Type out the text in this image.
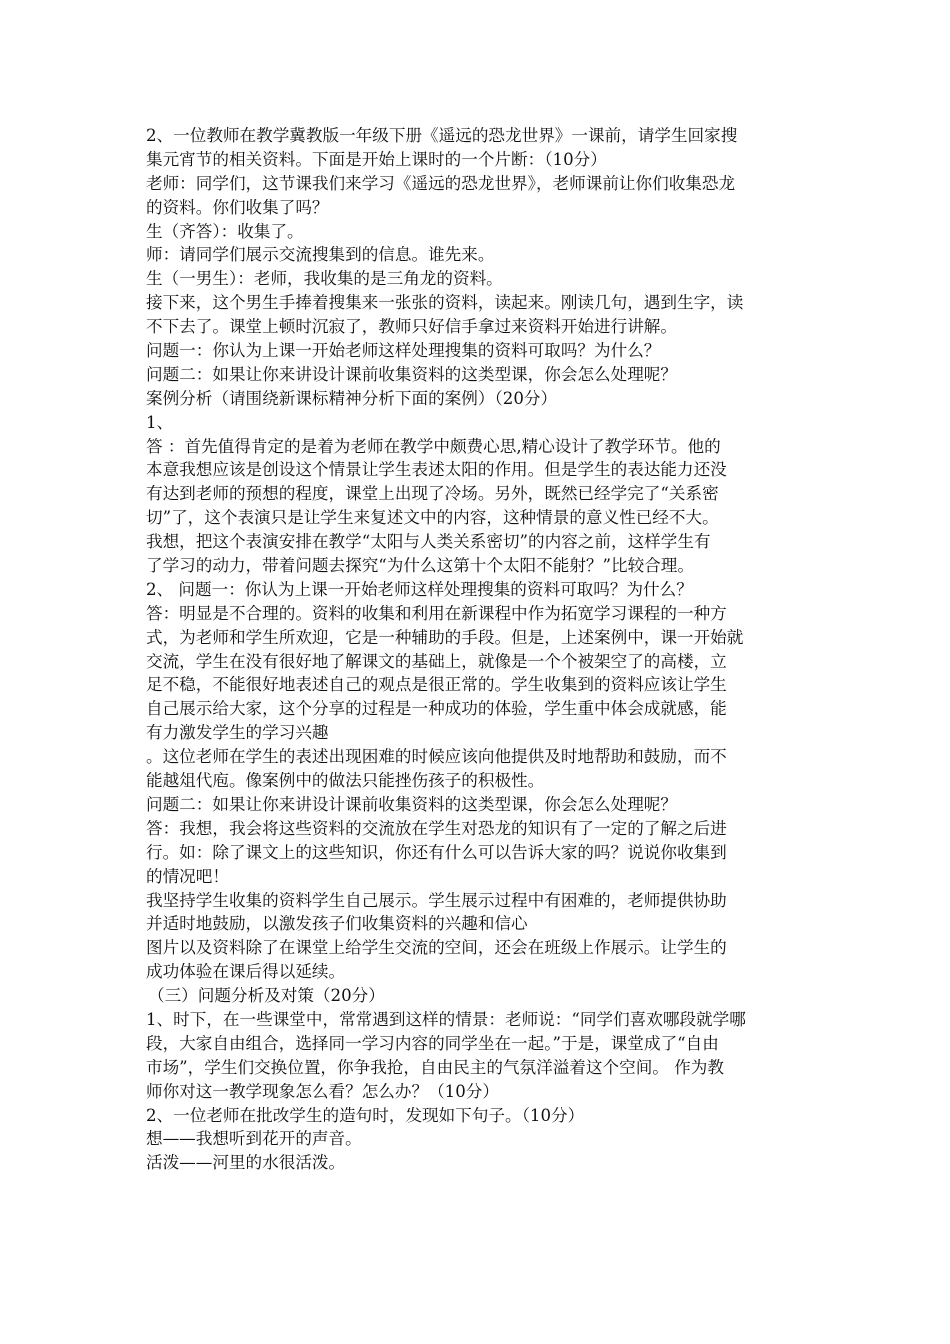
2、一位教师在教学冀教版一年级下册《遥远的恐龙世界》一课前，请学生回家搜
集元宵节的相关资料。下面是开始上课时的一个片断：（10分）
老师：同学们，这节课我们来学习《遥远的恐龙世界》，老师课前让你们收集恐龙
的资料。你们收集了吗？
生（齐答）：收集了。
师：请同学们展示交流搜集到的信息。谁先来。
生（一男生）：老师，我收集的是三角龙的资料。
接下来，这个男生手捧着搜集来一张张的资料，读起来。刚读几句，遇到生字，读
不下去了。课堂上顿时沉寂了，教师只好信手拿过来资料开始进行讲解。
问题一：你认为上课一开始老师这样处理搜集的资料可取吗？为什么？
问题二：如果让你来讲设计课前收集资料的这类型课，你会怎么处理呢？
案例分析（请围绕新课标精神分析下面的案例）（20分）
1、
答 ：首先值得肯定的是着为老师在教学中颇费心思,精心设计了教学环节。他的
本意我想应该是创设这个情景让学生表述太阳的作用。但是学生的表达能力还没
有达到老师的预想的程度，课堂上出现了冷场。另外，既然已经学完了“关系密
切”了，这个表演只是让学生来复述文中的内容，这种情景的意义性已经不大。
我想，把这个表演安排在教学“太阳与人类关系密切”的内容之前，这样学生有
了学习的动力，带着问题去探究“为什么这第十个太阳不能射？”比较合理。
2、 问题一：你认为上课一开始老师这样处理搜集的资料可取吗？为什么？
答：明显是不合理的。资料的收集和利用在新课程中作为拓宽学习课程的一种方
式，为老师和学生所欢迎，它是一种辅助的手段。但是，上述案例中，课一开始就
交流，学生在没有很好地了解课文的基础上，就像是一个个被架空了的高楼，立
足不稳，不能很好地表述自己的观点是很正常的。学生收集到的资料应该让学生
自己展示给大家，这个分享的过程是一种成功的体验，学生重中体会成就感，能
有力激发学生的学习兴趣
。这位老师在学生的表述出现困难的时候应该向他提供及时地帮助和鼓励，而不
能越俎代庖。像案例中的做法只能挫伤孩子的积极性。
问题二：如果让你来讲设计课前收集资料的这类型课，你会怎么处理呢？
答：我想，我会将这些资料的交流放在学生对恐龙的知识有了一定的了解之后进
行。如：除了课文上的这些知识，你还有什么可以告诉大家的吗？说说你收集到
的情况吧！
我坚持学生收集的资料学生自己展示。学生展示过程中有困难的，老师提供协助
并适时地鼓励，以激发孩子们收集资料的兴趣和信心
图片以及资料除了在课堂上给学生交流的空间，还会在班级上作展示。让学生的
成功体验在课后得以延续。
（三）问题分析及对策（20分）
1、时下，在一些课堂中，常常遇到这样的情景：老师说：“同学们喜欢哪段就学哪
段，大家自由组合，选择同一学习内容的同学坐在一起。”于是，课堂成了“自由
市场”，学生们交换位置，你争我抢，自由民主的气氛洋溢着这个空间。 作为教
师你对这一教学现象怎么看？怎么办？（10分）
2、一位老师在批改学生的造句时，发现如下句子。（10分）
想——我想听到花开的声音。
活泼——河里的水很活泼。
